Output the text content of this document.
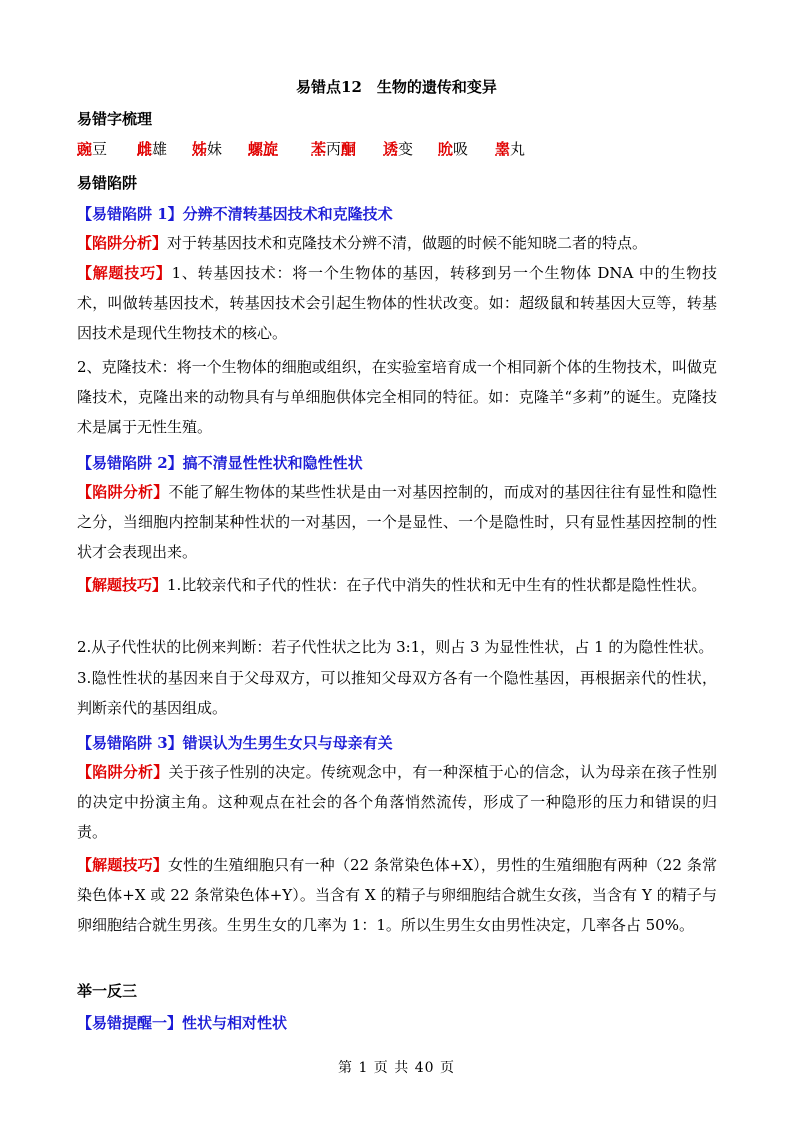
易错点12　生物的遗传和变异
易错字梳理
豌豆 雌雄 姊妹 螺旋 苯丙酮 诱变 吮吸 睾丸
易错陷阱
【易错陷阱 1】分辨不清转基因技术和克隆技术
【陷阱分析】对于转基因技术和克隆技术分辨不清，做题的时候不能知晓二者的特点。
【解题技巧】1、转基因技术：将一个生物体的基因，转移到另一个生物体 DNA 中的生物技术，叫做转基因技术，转基因技术会引起生物体的性状改变。如：超级鼠和转基因大豆等，转基因技术是现代生物技术的核心。
2、克隆技术：将一个生物体的细胞或组织，在实验室培育成一个相同新个体的生物技术，叫做克隆技术，克隆出来的动物具有与单细胞供体完全相同的特征。如：克隆羊“多莉”的诞生。克隆技术是属于无性生殖。
【易错陷阱 2】搞不清显性性状和隐性性状
【陷阱分析】不能了解生物体的某些性状是由一对基因控制的，而成对的基因往往有显性和隐性之分，当细胞内控制某种性状的一对基因，一个是显性、一个是隐性时，只有显性基因控制的性状才会表现出来。
【解题技巧】1.比较亲代和子代的性状：在子代中消失的性状和无中生有的性状都是隐性性状。
2.从子代性状的比例来判断：若子代性状之比为 3:1，则占 3 为显性性状，占 1 的为隐性性状。
3.隐性性状的基因来自于父母双方，可以推知父母双方各有一个隐性基因，再根据亲代的性状，判断亲代的基因组成。
【易错陷阱 3】错误认为生男生女只与母亲有关
【陷阱分析】关于孩子性别的决定。传统观念中，有一种深植于心的信念，认为母亲在孩子性别的决定中扮演主角。这种观点在社会的各个角落悄然流传，形成了一种隐形的压力和错误的归责。
【解题技巧】女性的生殖细胞只有一种（22 条常染色体+X），男性的生殖细胞有两种（22 条常染色体+X 或 22 条常染色体+Y）。当含有 X 的精子与卵细胞结合就生女孩，当含有 Y 的精子与卵细胞结合就生男孩。生男生女的几率为 1：1。所以生男生女由男性决定，几率各占 50%。
举一反三
【易错提醒一】性状与相对性状
第 1 页 共 40 页
